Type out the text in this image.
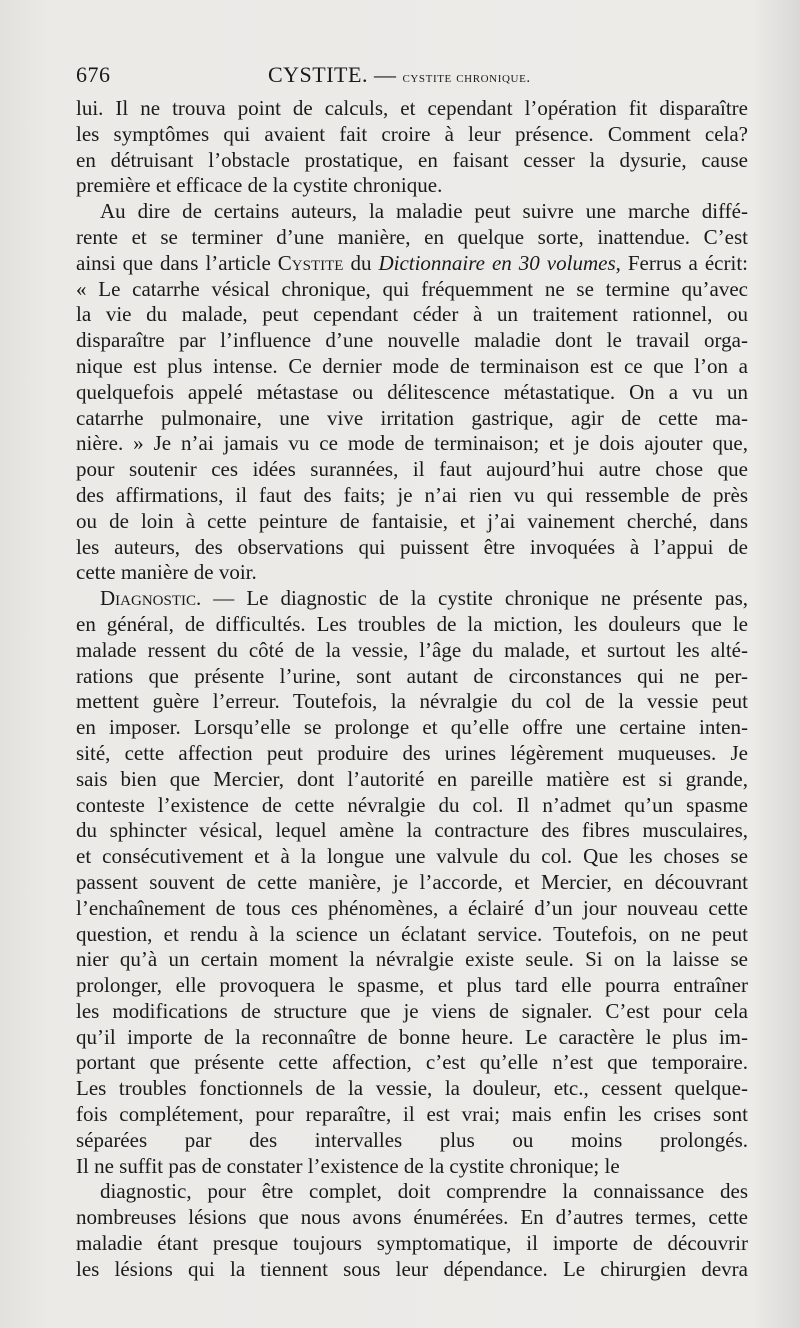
676	CYSTITE. — cystite chronique.
lui. Il ne trouva point de calculs, et cependant l’opération fit disparaître
les symptômes qui avaient fait croire à leur présence. Comment cela?
en détruisant l’obstacle prostatique, en faisant cesser la dysurie, cause
première et efficace de la cystite chronique.
Au dire de certains auteurs, la maladie peut suivre une marche diffé-
rente et se terminer d’une manière, en quelque sorte, inattendue. C’est
ainsi que dans l’article Cystite du Dictionnaire en 30 volumes, Ferrus a écrit:
« Le catarrhe vésical chronique, qui fréquemment ne se termine qu’avec
la vie du malade, peut cependant céder à un traitement rationnel, ou
disparaître par l’influence d’une nouvelle maladie dont le travail orga-
nique est plus intense. Ce dernier mode de terminaison est ce que l’on a
quelquefois appelé métastase ou délitescence métastatique. On a vu un
catarrhe pulmonaire, une vive irritation gastrique, agir de cette ma-
nière. » Je n’ai jamais vu ce mode de terminaison; et je dois ajouter que,
pour soutenir ces idées surannées, il faut aujourd’hui autre chose que
des affirmations, il faut des faits; je n’ai rien vu qui ressemble de près
ou de loin à cette peinture de fantaisie, et j’ai vainement cherché, dans
les auteurs, des observations qui puissent être invoquées à l’appui de
cette manière de voir.
Diagnostic. — Le diagnostic de la cystite chronique ne présente pas,
en général, de difficultés. Les troubles de la miction, les douleurs que le
malade ressent du côté de la vessie, l’âge du malade, et surtout les alté-
rations que présente l’urine, sont autant de circonstances qui ne per-
mettent guère l’erreur. Toutefois, la névralgie du col de la vessie peut
en imposer. Lorsqu’elle se prolonge et qu’elle offre une certaine inten-
sité, cette affection peut produire des urines légèrement muqueuses. Je
sais bien que Mercier, dont l’autorité en pareille matière est si grande,
conteste l’existence de cette névralgie du col. Il n’admet qu’un spasme
du sphincter vésical, lequel amène la contracture des fibres musculaires,
et consécutivement et à la longue une valvule du col. Que les choses se
passent souvent de cette manière, je l’accorde, et Mercier, en découvrant
l’enchaînement de tous ces phénomènes, a éclairé d’un jour nouveau cette
question, et rendu à la science un éclatant service. Toutefois, on ne peut
nier qu’à un certain moment la névralgie existe seule. Si on la laisse se
prolonger, elle provoquera le spasme, et plus tard elle pourra entraîner
les modifications de structure que je viens de signaler. C’est pour cela
qu’il importe de la reconnaître de bonne heure. Le caractère le plus im-
portant que présente cette affection, c’est qu’elle n’est que temporaire.
Les troubles fonctionnels de la vessie, la douleur, etc., cessent quelque-
fois complétement, pour reparaître, il est vrai; mais enfin les crises sont
séparées par des intervalles plus ou moins prolongés.
Il ne suffit pas de constater l’existence de la cystite chronique; le
diagnostic, pour être complet, doit comprendre la connaissance des
nombreuses lésions que nous avons énumérées. En d’autres termes, cette
maladie étant presque toujours symptomatique, il importe de découvrir
les lésions qui la tiennent sous leur dépendance. Le chirurgien devra
